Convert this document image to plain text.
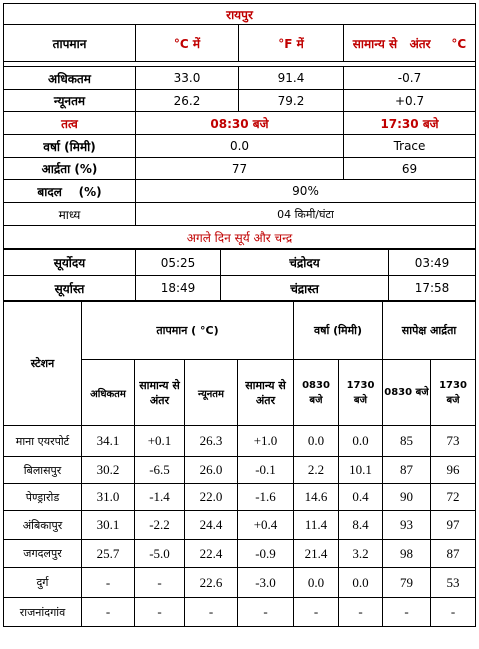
रायपुर			
तापमान	°C में	°F में	सामान्य से   अंतर     °C

अधिकतम	33.0	91.4	-0.7
न्यूनतम	26.2	79.2	+0.7
तत्व	08:30 बजे		17:30 बजे
वर्षा (मिमी)	0.0		Trace
आर्द्रता (%)	77		69
बादल    (%)	90%		
माध्य	04 किमी/घंटा		
अगले दिन सूर्य और चन्द्र			
सूर्योदय	05:25	चंद्रोदय	03:49
सूर्यास्त	18:49	चंद्रास्त	17:58
स्टेशन	तापमान ( °C)				वर्षा (मिमी)		सापेक्ष आर्द्रता	
	अधिकतम	सामान्य से अंतर	न्यूनतम	सामान्य से अंतर	0830 बजे	1730 बजे	0830 बजे	1730 बजे
माना एयरपोर्ट	34.1	+0.1	26.3	+1.0	0.0	0.0	85	73
बिलासपुर	30.2	-6.5	26.0	-0.1	2.2	10.1	87	96
पेण्ड्रारोड	31.0	-1.4	22.0	-1.6	14.6	0.4	90	72
अंबिकापुर	30.1	-2.2	24.4	+0.4	11.4	8.4	93	97
जगदलपुर	25.7	-5.0	22.4	-0.9	21.4	3.2	98	87
दुर्ग	-	-	22.6	-3.0	0.0	0.0	79	53
राजनांदगांव	-	-	-	-	-	-	-	-
